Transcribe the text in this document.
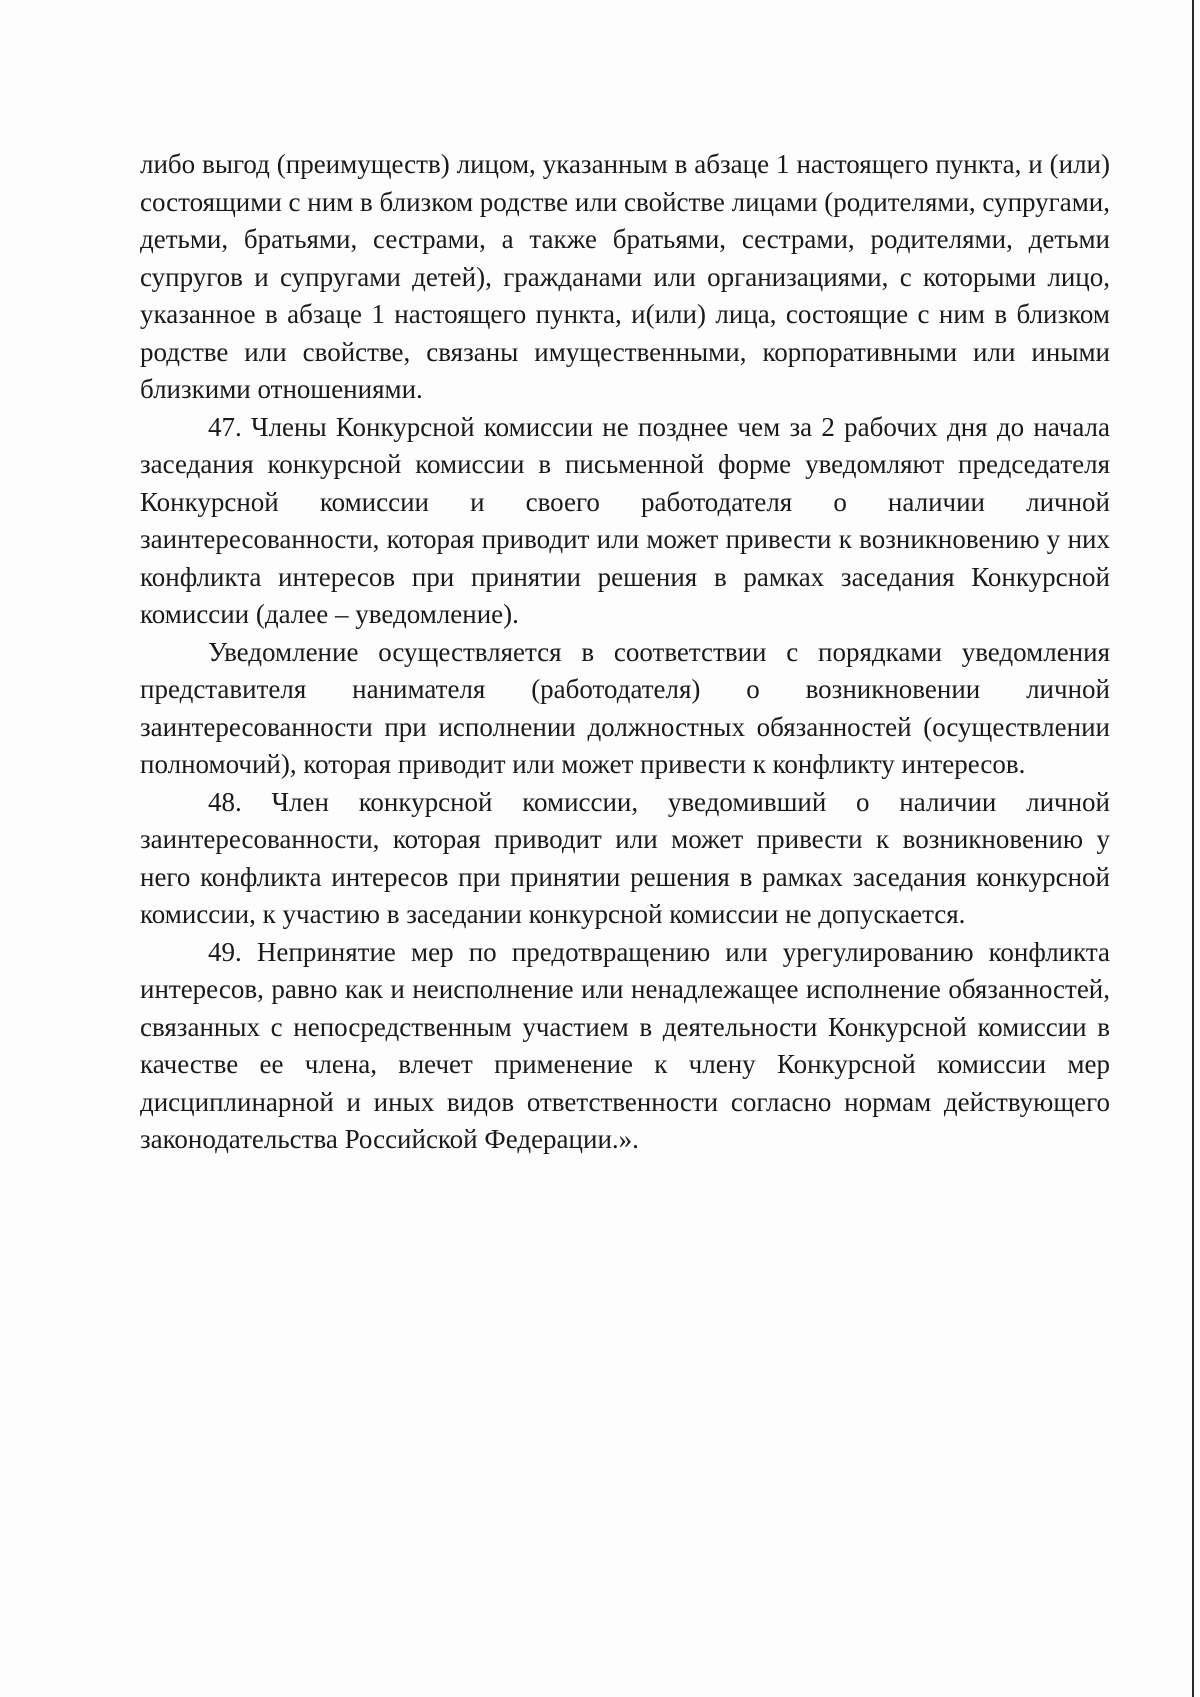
либо выгод (преимуществ) лицом, указанным в абзаце 1 настоящего пункта, и (или) состоящими с ним в близком родстве или свойстве лицами (родителями, супругами, детьми, братьями, сестрами, а также братьями, сестрами, родителями, детьми супругов и супругами детей), гражданами или организациями, с которыми лицо, указанное в абзаце 1 настоящего пункта, и(или) лица, состоящие с ним в близком родстве или свойстве, связаны имущественными, корпоративными или иными близкими отношениями.

47. Члены Конкурсной комиссии не позднее чем за 2 рабочих дня до начала заседания конкурсной комиссии в письменной форме уведомляют председателя Конкурсной комиссии и своего работодателя о наличии личной заинтересованности, которая приводит или может привести к возникновению у них конфликта интересов при принятии решения в рамках заседания Конкурсной комиссии (далее – уведомление).

Уведомление осуществляется в соответствии с порядками уведомления представителя нанимателя (работодателя) о возникновении личной заинтересованности при исполнении должностных обязанностей (осуществлении полномочий), которая приводит или может привести к конфликту интересов.

48. Член конкурсной комиссии, уведомивший о наличии личной заинтересованности, которая приводит или может привести к возникновению у него конфликта интересов при принятии решения в рамках заседания конкурсной комиссии, к участию в заседании конкурсной комиссии не допускается.

49. Непринятие мер по предотвращению или урегулированию конфликта интересов, равно как и неисполнение или ненадлежащее исполнение обязанностей, связанных с непосредственным участием в деятельности Конкурсной комиссии в качестве ее члена, влечет применение к члену Конкурсной комиссии мер дисциплинарной и иных видов ответственности согласно нормам действующего законодательства Российской Федерации.».
